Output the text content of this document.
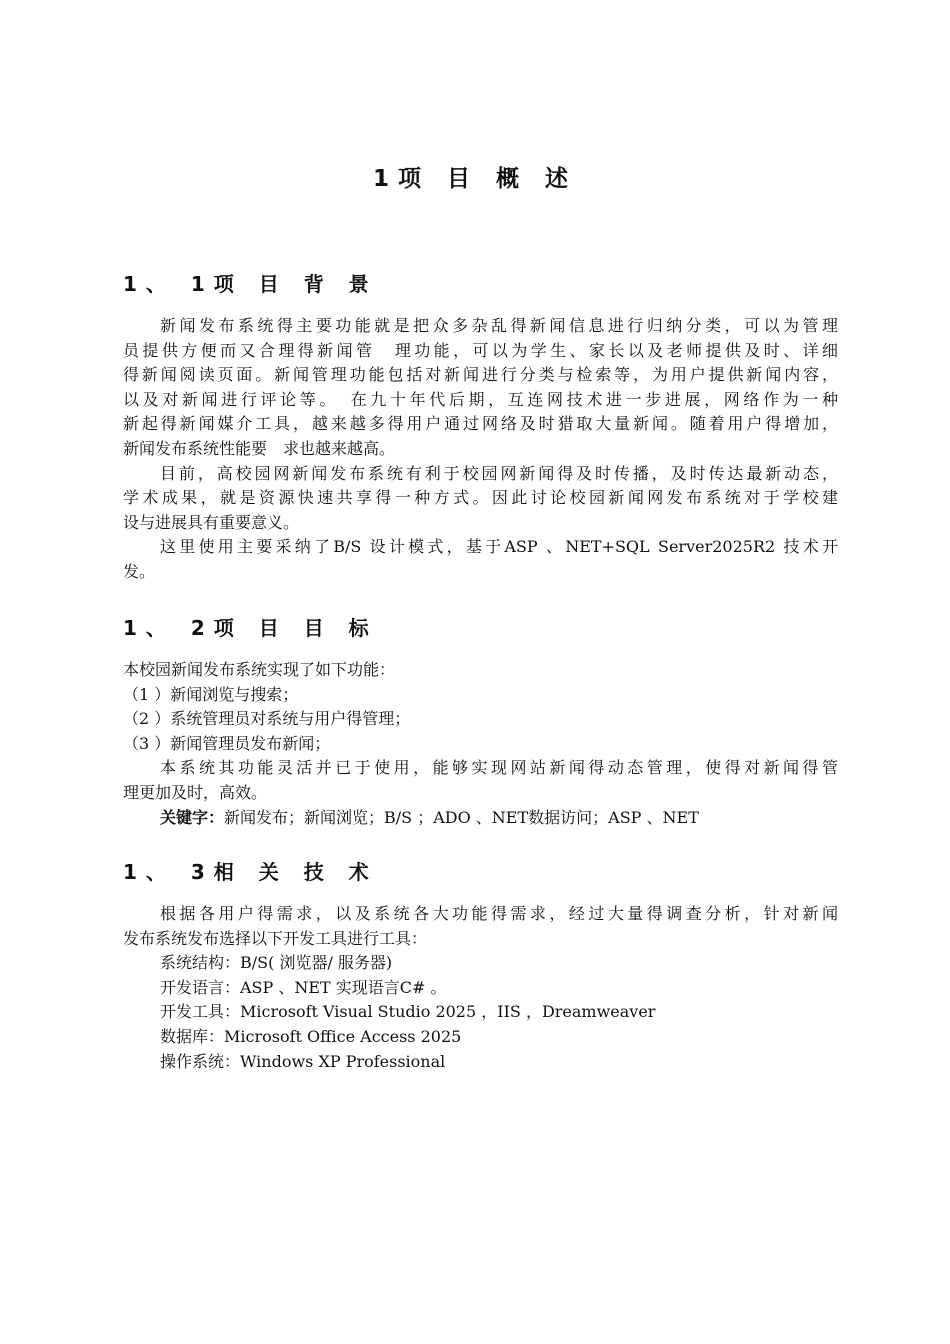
1项 目 概 述
1、 1项 目 背 景
新闻发布系统得主要功能就是把众多杂乱得新闻信息进行归纳分类，可以为管理
员提供方便而又合理得新闻管　理功能，可以为学生、家长以及老师提供及时、详细
得新闻阅读页面。新闻管理功能包括对新闻进行分类与检索等，为用户提供新闻内容，
以及对新闻进行评论等。　在九十年代后期，互连网技术进一步进展，网络作为一种
新起得新闻媒介工具，越来越多得用户通过网络及时猎取大量新闻。随着用户得增加，
新闻发布系统性能要　求也越来越高。
目前，高校园网新闻发布系统有利于校园网新闻得及时传播，及时传达最新动态，
学术成果，就是资源快速共享得一种方式。因此讨论校园新闻网发布系统对于学校建
设与进展具有重要意义。
这里使用主要采纳了B/S 设计模式，基于ASP 、NET+SQL Server2025R2 技术开
发。
1、 2项 目 目 标
本校园新闻发布系统实现了如下功能：
（1 ）新闻浏览与搜索；
（2 ）系统管理员对系统与用户得管理；
（3 ）新闻管理员发布新闻；
本系统其功能灵活并已于使用，能够实现网站新闻得动态管理，使得对新闻得管
理更加及时，高效。
关键字：新闻发布；新闻浏览；B/S ；ADO 、NET数据访问；ASP 、NET
1、 3相 关 技 术
根据各用户得需求，以及系统各大功能得需求，经过大量得调查分析，针对新闻
发布系统发布选择以下开发工具进行工具：
系统结构：B/S( 浏览器/ 服务器)
开发语言：ASP 、NET 实现语言C# 。
开发工具：Microsoft Visual Studio 2025 ，IIS ，Dreamweaver
数据库：Microsoft Office Access 2025
操作系统：Windows XP Professional
